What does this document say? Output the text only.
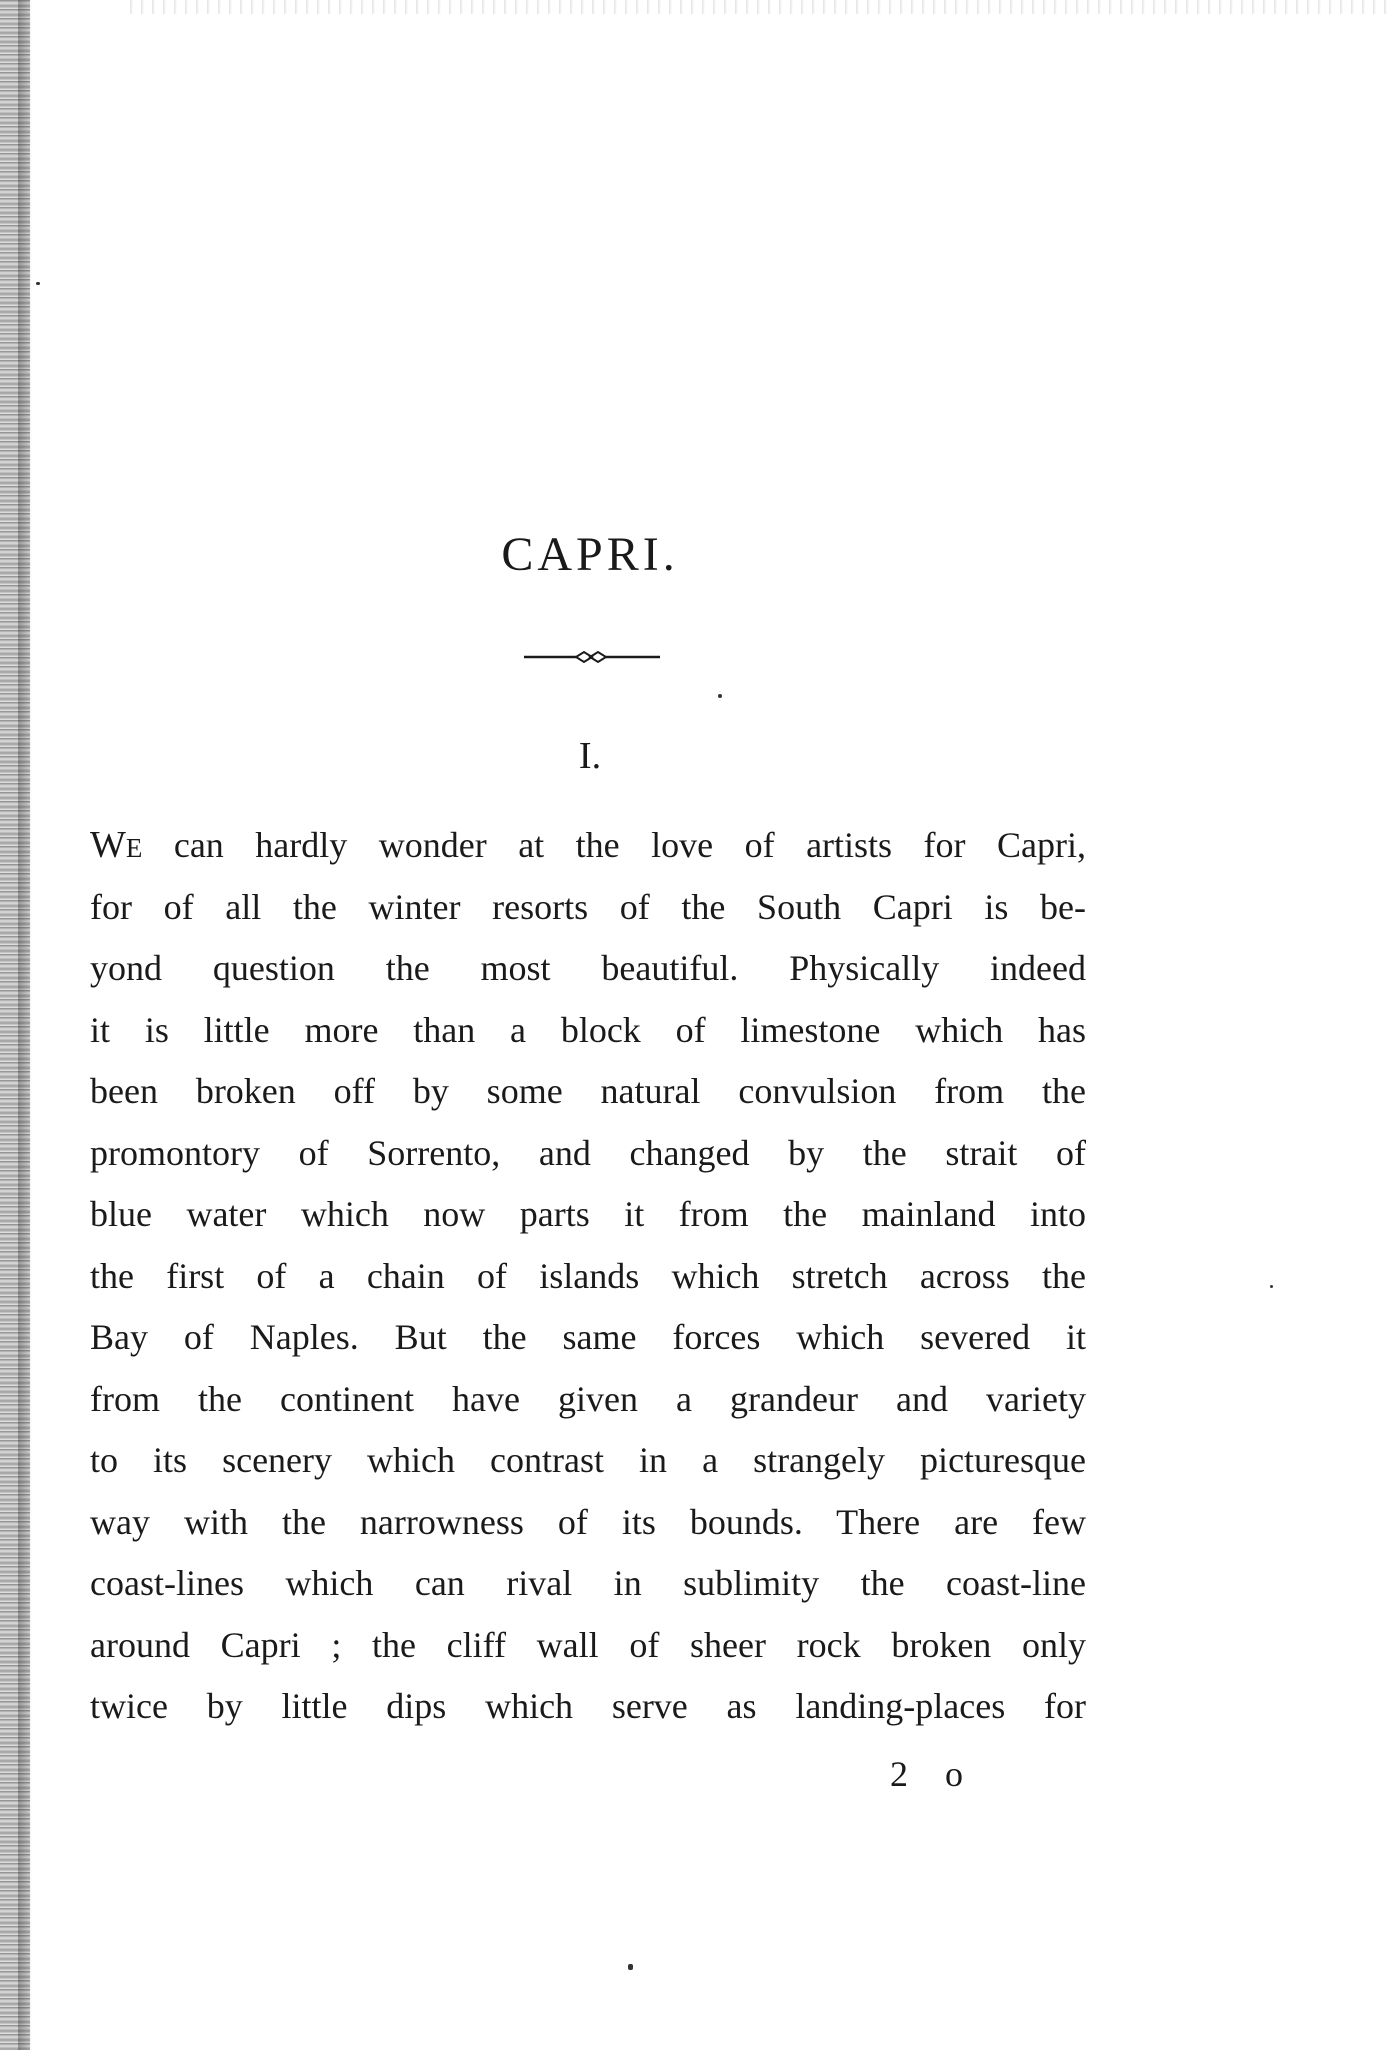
CAPRI.
I.
We can hardly wonder at the love of artists for Capri,
for of all the winter resorts of the South Capri is be-
yond question the most beautiful. Physically indeed
it is little more than a block of limestone which has
been broken off by some natural convulsion from the
promontory of Sorrento, and changed by the strait of
blue water which now parts it from the mainland into
the first of a chain of islands which stretch across the
Bay of Naples. But the same forces which severed it
from the continent have given a grandeur and variety
to its scenery which contrast in a strangely picturesque
way with the narrowness of its bounds. There are few
coast-lines which can rival in sublimity the coast-line
around Capri ; the cliff wall of sheer rock broken only
twice by little dips which serve as landing-places for
2 o
